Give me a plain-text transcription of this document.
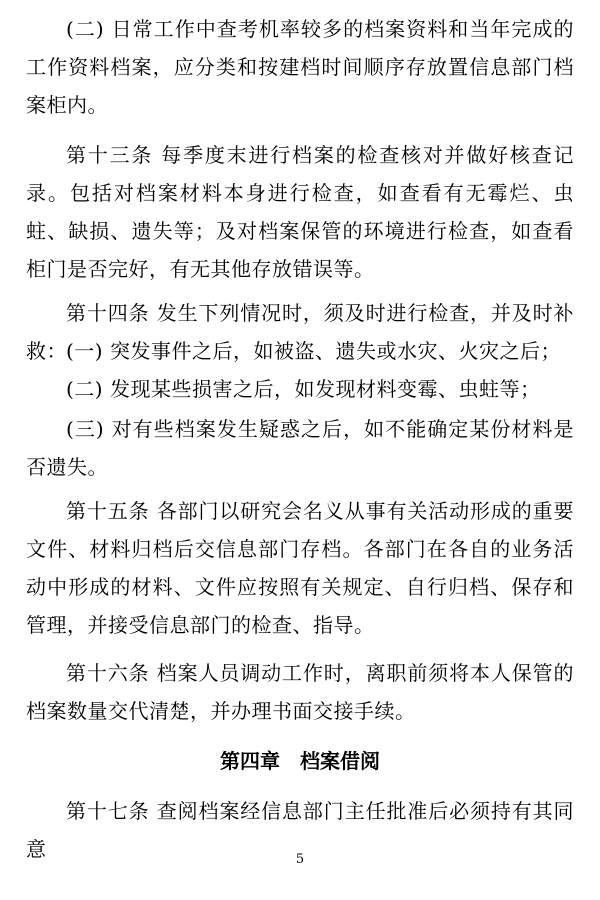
(二) 日常工作中查考机率较多的档案资料和当年完成的工作资料档案，应分类和按建档时间顺序存放置信息部门档案柜内。

第十三条 每季度末进行档案的检查核对并做好核查记录。包括对档案材料本身进行检查，如查看有无霉烂、虫蛀、缺损、遗失等；及对档案保管的环境进行检查，如查看柜门是否完好，有无其他存放错误等。

第十四条 发生下列情况时，须及时进行检查，并及时补救： (一) 突发事件之后，如被盗、遗失或水灾、火灾之后；

(二) 发现某些损害之后，如发现材料变霉、虫蛀等；

(三) 对有些档案发生疑惑之后，如不能确定某份材料是否遗失。

第十五条 各部门以研究会名义从事有关活动形成的重要文件、材料归档后交信息部门存档。各部门在各自的业务活动中形成的材料、文件应按照有关规定、自行归档、保存和管理，并接受信息部门的检查、指导。

第十六条 档案人员调动工作时，离职前须将本人保管的档案数量交代清楚，并办理书面交接手续。

第四章　档案借阅

第十七条 查阅档案经信息部门主任批准后必须持有其同意	5
